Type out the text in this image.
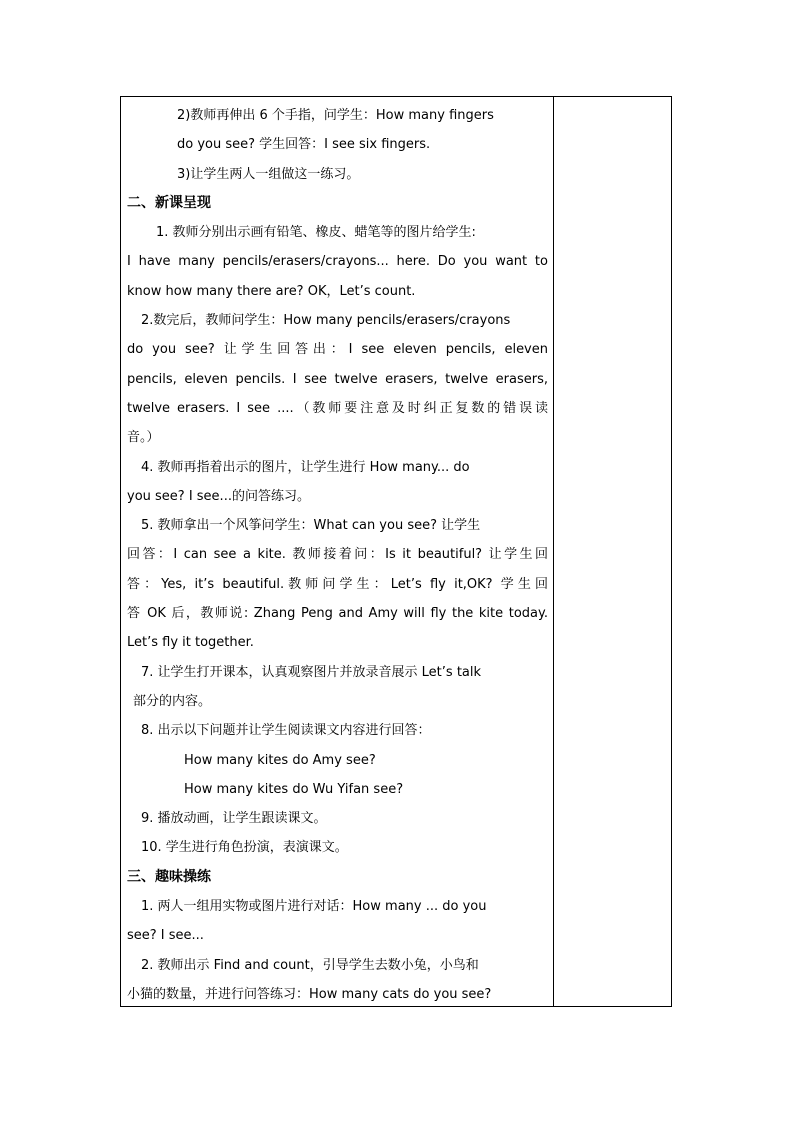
2)教师再伸出 6 个手指，问学生：How many fingers
do you see? 学生回答：I see six fingers.
3)让学生两人一组做这一练习。
二、新课呈现
1. 教师分别出示画有铅笔、橡皮、蜡笔等的图片给学生:
I have many pencils/erasers/crayons... here. Do you want to
know how many there are? OK，Let’s count.
2.数完后，教师问学生：How many pencils/erasers/crayons
do you see? 让学生回答出：I see eleven pencils, eleven
pencils, eleven pencils. I see twelve erasers, twelve erasers,
twelve erasers. I see ....（教师要注意及时纠正复数的错误读
音。）
4. 教师再指着出示的图片，让学生进行 How many... do
you see? I see...的问答练习。
5. 教师拿出一个风筝问学生：What can you see? 让学生
回答：I can see a kite. 教师接着问：Is it beautiful? 让学生回
答：Yes, it’s beautiful.教师问学生：Let’s fly it,OK? 学生回
答 OK 后，教师说: Zhang Peng and Amy will fly the kite today.
Let’s fly it together.
7. 让学生打开课本，认真观察图片并放录音展示 Let’s talk
部分的内容。
8. 出示以下问题并让学生阅读课文内容进行回答：
How many kites do Amy see?
How many kites do Wu Yifan see?
9. 播放动画，让学生跟读课文。
10. 学生进行角色扮演，表演课文。
三、趣味操练
1. 两人一组用实物或图片进行对话：How many ... do you
see? I see...
2. 教师出示 Find and count，引导学生去数小兔，小鸟和
小猫的数量，并进行问答练习：How many cats do you see?
